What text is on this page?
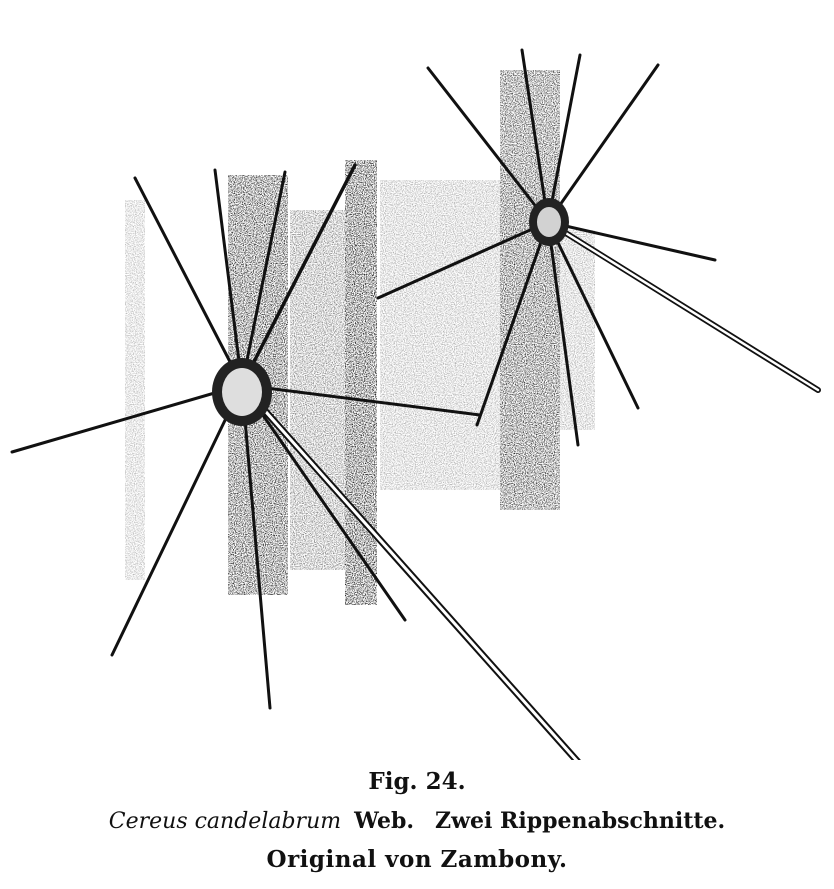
Fig. 24.
Cereus candelabrum Web. Zwei Rippenabschnitte.
Original von Zambony.
